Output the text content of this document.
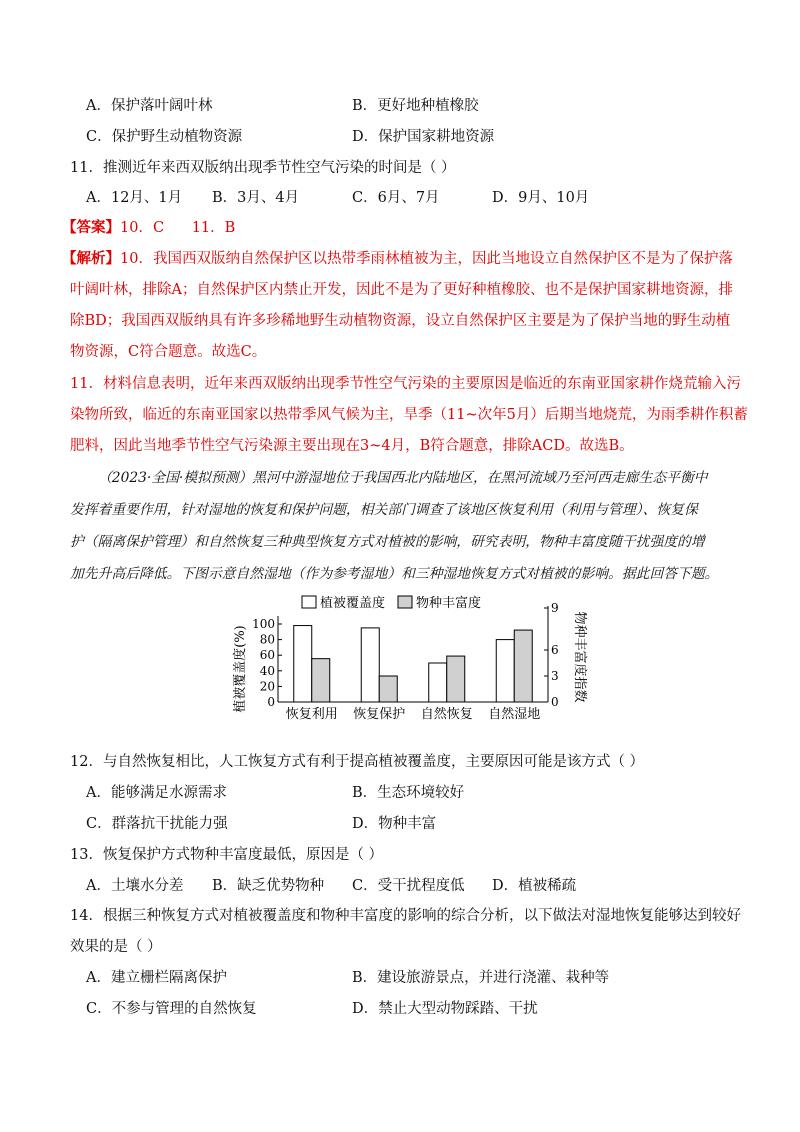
A．保护落叶阔叶林	B．更好地种植橡胶
C．保护野生动植物资源	D．保护国家耕地资源
11．推测近年来西双版纳出现季节性空气污染的时间是（ ）
A．12月、1月 B．3月、4月	C．6月、7月	D．9月、10月
【答案】10．C      11．B
【解析】10．我国西双版纳自然保护区以热带季雨林植被为主，因此当地设立自然保护区不是为了保护落
叶阔叶林，排除A；自然保护区内禁止开发，因此不是为了更好种植橡胶、也不是保护国家耕地资源，排
除BD；我国西双版纳具有许多珍稀地野生动植物资源，设立自然保护区主要是为了保护当地的野生动植
物资源，C符合题意。故选C。
11．材料信息表明，近年来西双版纳出现季节性空气污染的主要原因是临近的东南亚国家耕作烧荒输入污
染物所致，临近的东南亚国家以热带季风气候为主，旱季（11~次年5月）后期当地烧荒，为雨季耕作积蓄
肥料，因此当地季节性空气污染源主要出现在3~4月，B符合题意，排除ACD。故选B。
（2023·全国·模拟预测）黑河中游湿地位于我国西北内陆地区，在黑河流域乃至河西走廊生态平衡中
发挥着重要作用，针对湿地的恢复和保护问题，相关部门调查了该地区恢复利用（利用与管理）、恢复保
护（隔离保护管理）和自然恢复三种典型恢复方式对植被的影响，研究表明，物种丰富度随干扰强度的增
加先升高后降低。下图示意自然湿地（作为参考湿地）和三种湿地恢复方式对植被的影响。据此回答下题。
0
20
40
60
80
100
0
3
6
9
恢复利用 恢复保护 自然恢复 自然湿地
植被覆盖度 物种丰富度
植被覆盖度(%)	物种丰富度指数
12．与自然恢复相比，人工恢复方式有利于提高植被覆盖度，主要原因可能是该方式（ ）
A．能够满足水源需求	B．生态环境较好
C．群落抗干扰能力强	D．物种丰富
13．恢复保护方式物种丰富度最低，原因是（ ）
A．土壤水分差 B．缺乏优势物种 C．受干扰程度低 D．植被稀疏
14．根据三种恢复方式对植被覆盖度和物种丰富度的影响的综合分析，以下做法对湿地恢复能够达到较好
效果的是（ ）
A．建立栅栏隔离保护	B．建设旅游景点，并进行浇灌、栽种等
C．不参与管理的自然恢复	D．禁止大型动物踩踏、干扰
